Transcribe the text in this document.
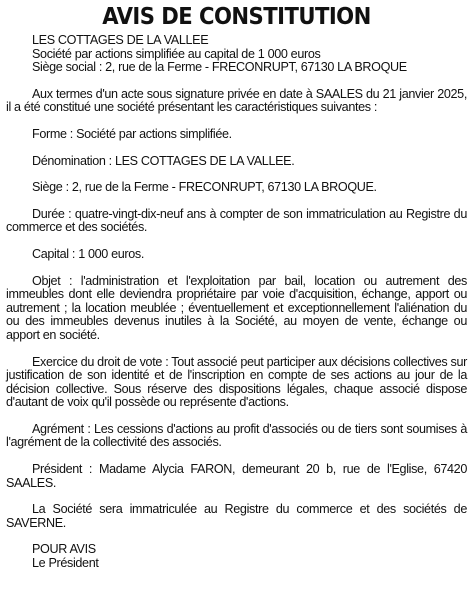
AVIS DE CONSTITUTION
LES COTTAGES DE LA VALLEE
Société par actions simplifiée au capital de 1 000 euros
Siège social : 2, rue de la Ferme - FRECONRUPT, 67130 LA BROQUE

Aux termes d'un acte sous signature privée en date à SAALES du 21 janvier 2025, il a été constitué une société présentant les caractéristiques suivantes :

Forme : Société par actions simplifiée.

Dénomination : LES COTTAGES DE LA VALLEE.

Siège : 2, rue de la Ferme - FRECONRUPT, 67130 LA BROQUE.

Durée : quatre-vingt-dix-neuf ans à compter de son immatriculation au Registre du commerce et des sociétés.

Capital : 1 000 euros.

Objet : l'administration et l'exploitation par bail, location ou autrement des immeubles dont elle deviendra propriétaire par voie d'acquisition, échange, apport ou autrement ; la location meublée ; éventuellement et exceptionnellement l'aliénation du ou des immeubles devenus inutiles à la Société, au moyen de vente, échange ou apport en société.

Exercice du droit de vote : Tout associé peut participer aux décisions collectives sur justification de son identité et de l'inscription en compte de ses actions au jour de la décision collective. Sous réserve des dispositions légales, chaque associé dispose d'autant de voix qu'il possède ou représente d'actions.

Agrément : Les cessions d'actions au profit d'associés ou de tiers sont soumises à l'agrément de la collectivité des associés.

Président : Madame Alycia FARON, demeurant 20 b, rue de l'Eglise, 67420 SAALES.

La Société sera immatriculée au Registre du commerce et des sociétés de SAVERNE.

POUR AVIS
Le Président
